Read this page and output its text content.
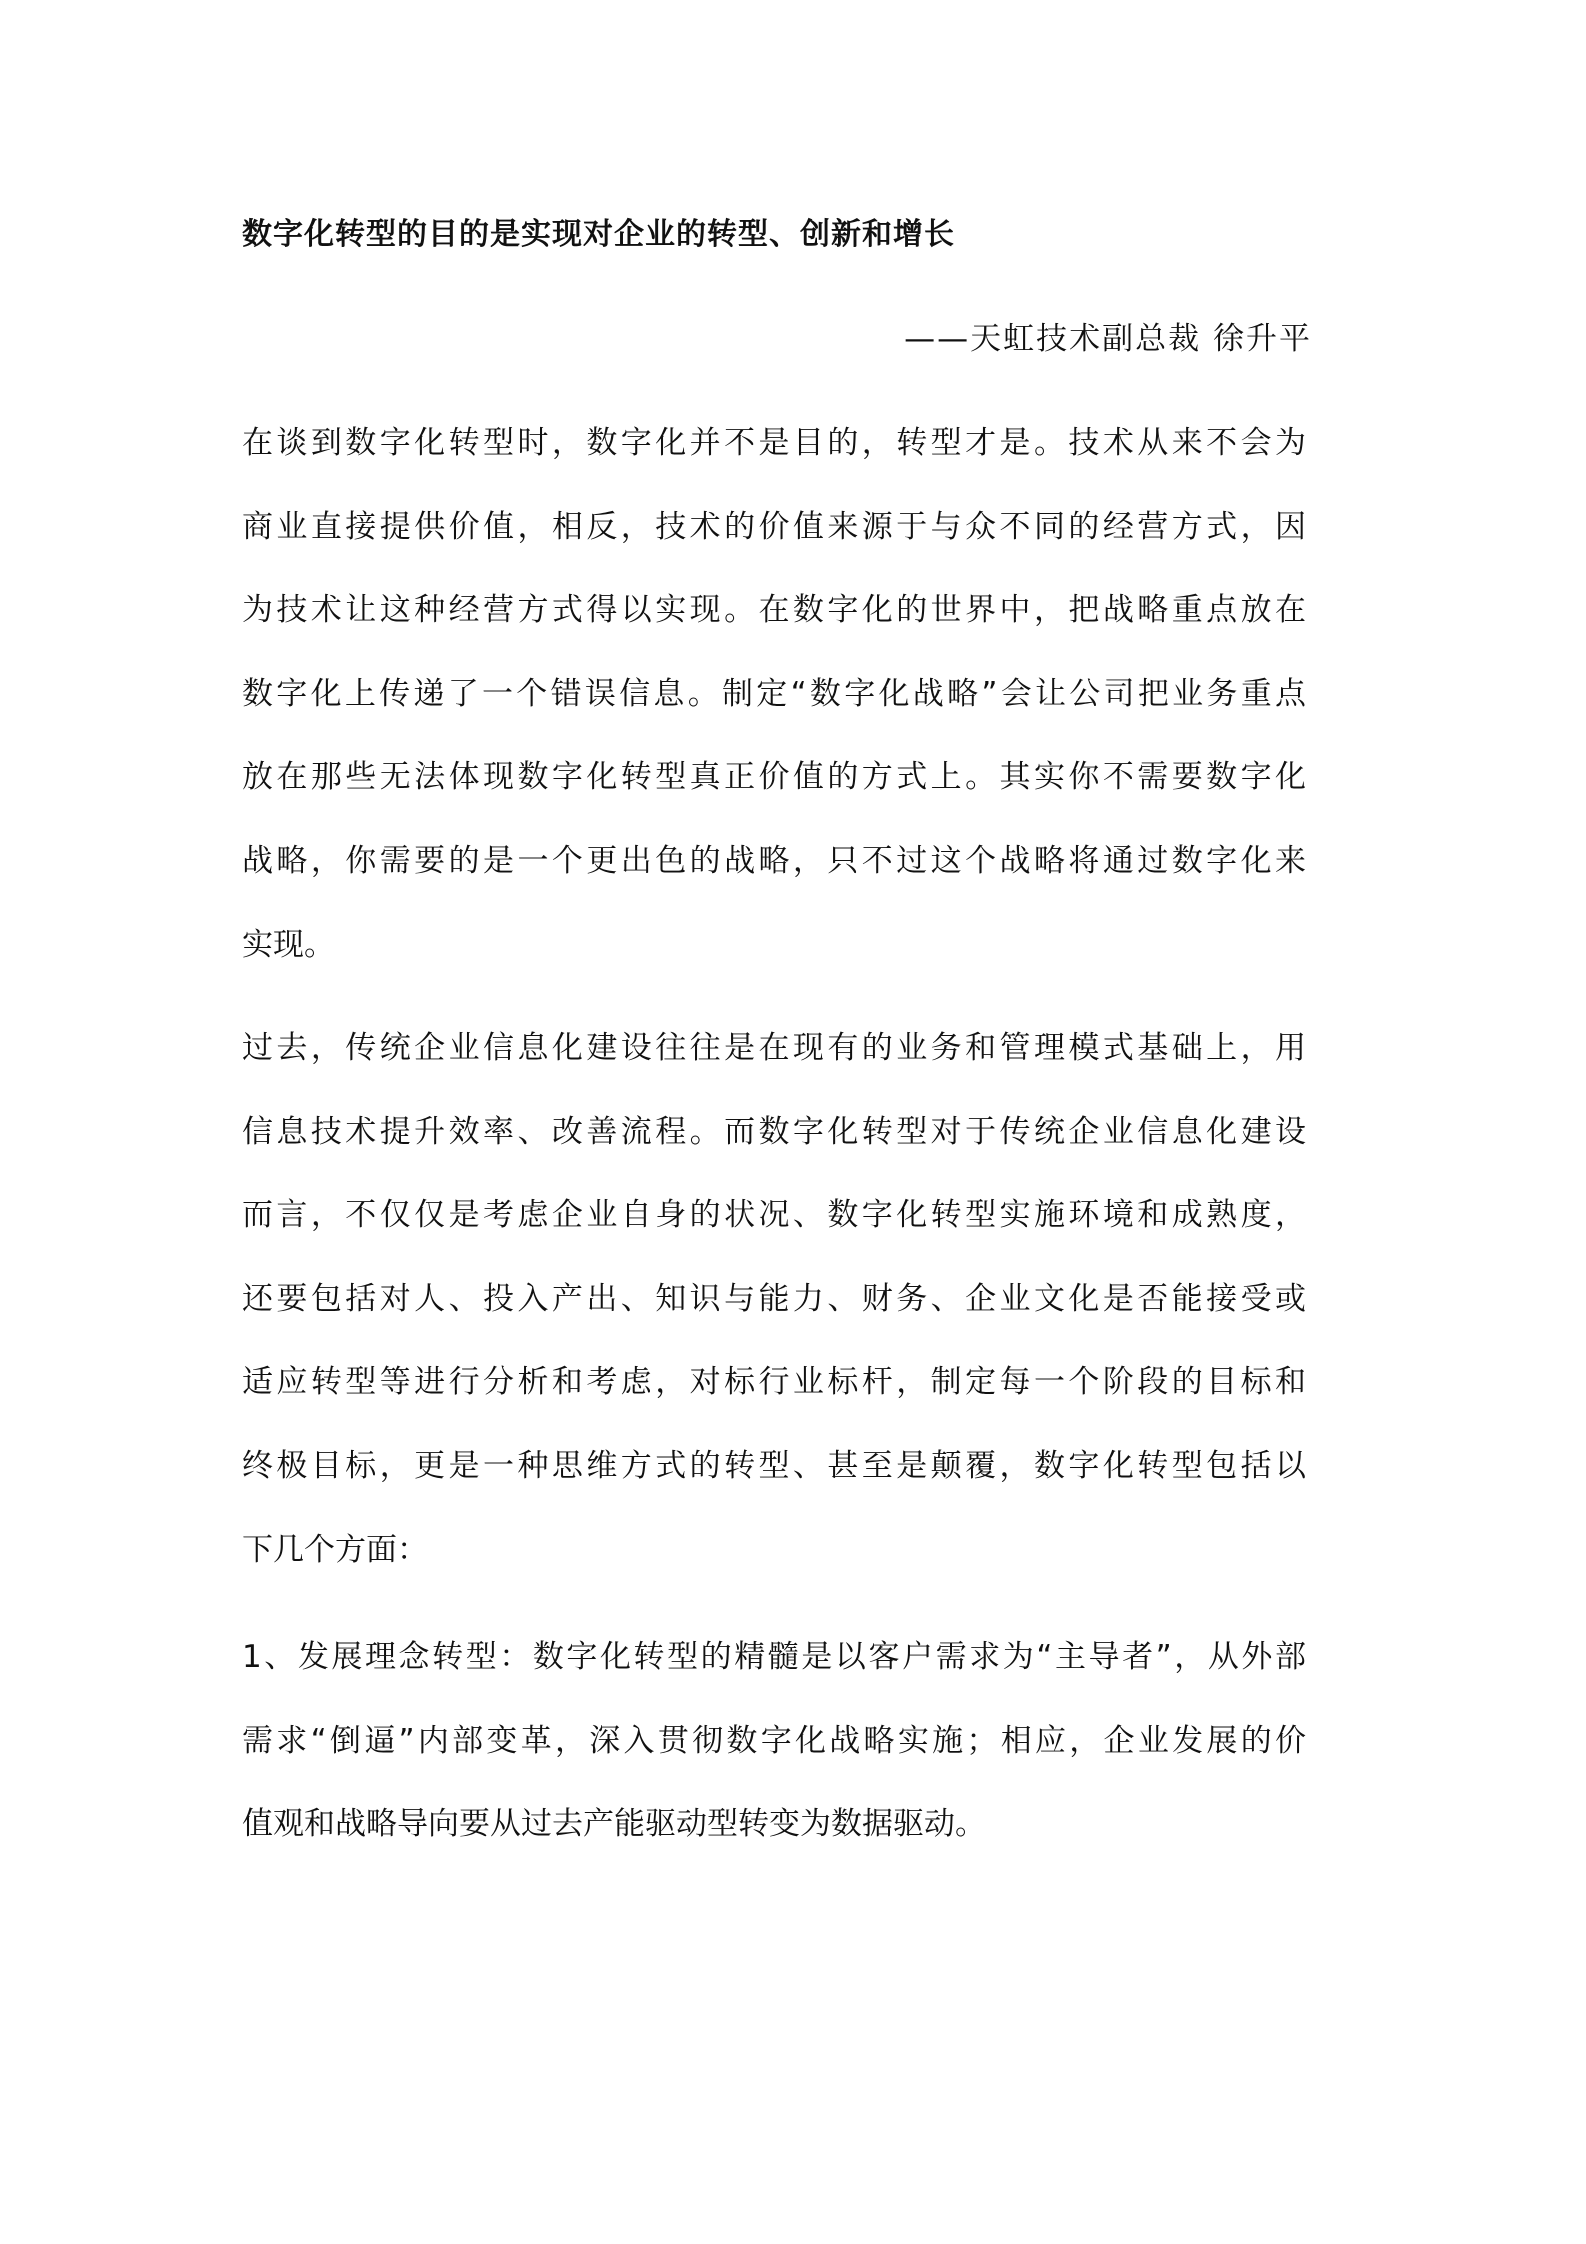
数字化转型的目的是实现对企业的转型、创新和增长
——天虹技术副总裁 徐升平
在谈到数字化转型时，数字化并不是目的，转型才是。技术从来不会为
商业直接提供价值，相反，技术的价值来源于与众不同的经营方式，因
为技术让这种经营方式得以实现。在数字化的世界中，把战略重点放在
数字化上传递了一个错误信息。制定“数字化战略”会让公司把业务重点
放在那些无法体现数字化转型真正价值的方式上。其实你不需要数字化
战略，你需要的是一个更出色的战略，只不过这个战略将通过数字化来
实现。
过去，传统企业信息化建设往往是在现有的业务和管理模式基础上，用
信息技术提升效率、改善流程。而数字化转型对于传统企业信息化建设
而言，不仅仅是考虑企业自身的状况、数字化转型实施环境和成熟度，
还要包括对人、投入产出、知识与能力、财务、企业文化是否能接受或
适应转型等进行分析和考虑，对标行业标杆，制定每一个阶段的目标和
终极目标，更是一种思维方式的转型、甚至是颠覆，数字化转型包括以
下几个方面：
1、发展理念转型：数字化转型的精髓是以客户需求为“主导者”，从外部
需求“倒逼”内部变革，深入贯彻数字化战略实施；相应，企业发展的价
值观和战略导向要从过去产能驱动型转变为数据驱动。
